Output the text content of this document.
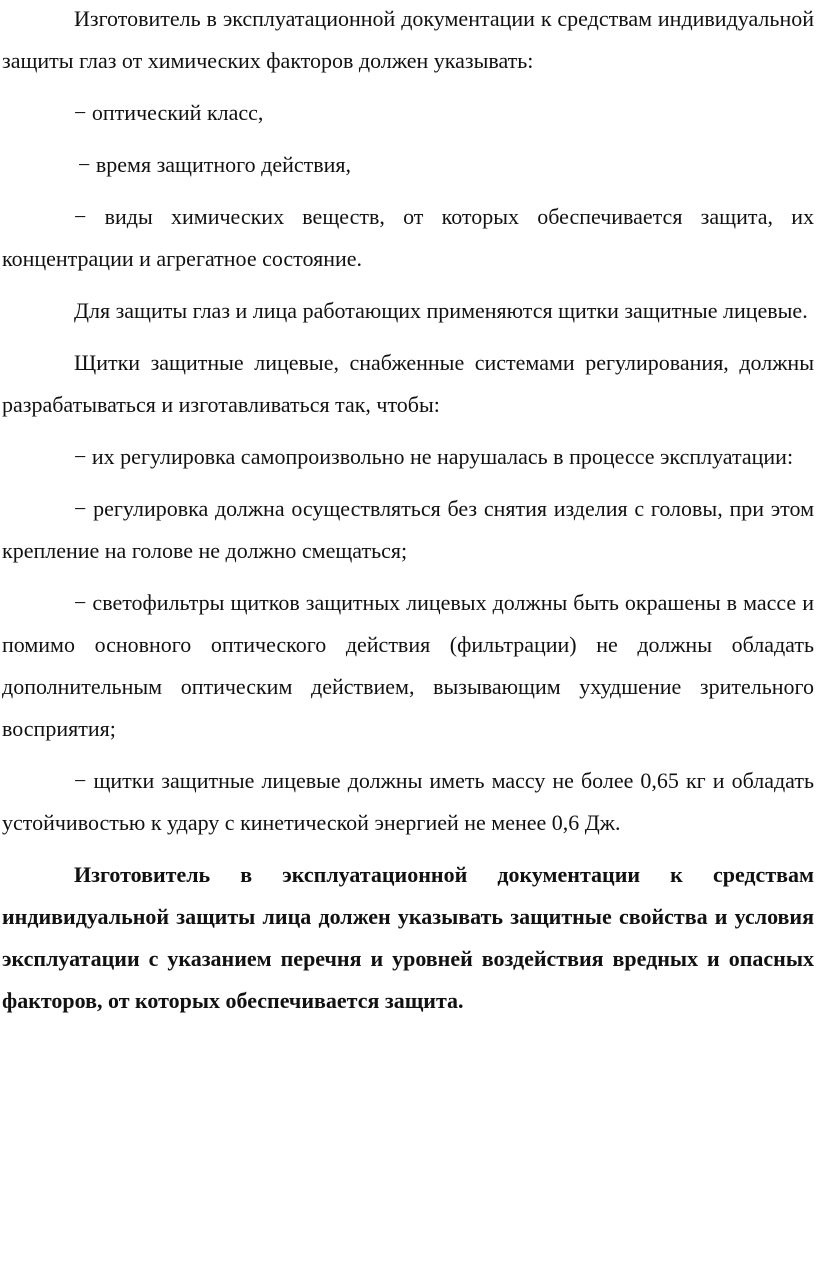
Изготовитель в эксплуатационной документации к средствам индивидуальной защиты глаз от химических факторов должен указывать:

− оптический класс,

− время защитного действия,

− виды химических веществ, от которых обеспечивается защита, их концентрации и агрегатное состояние.

Для защиты глаз и лица работающих применяются щитки защитные лицевые.

Щитки защитные лицевые, снабженные системами регулирования, должны разрабатываться и изготавливаться так, чтобы:

− их регулировка самопроизвольно не нарушалась в процессе эксплуатации:

− регулировка должна осуществляться без снятия изделия с головы, при этом крепление на голове не должно смещаться;

− светофильтры щитков защитных лицевых должны быть окрашены в массе и помимо основного оптического действия (фильтрации) не должны обладать дополнительным оптическим действием, вызывающим ухудшение зрительного восприятия;

− щитки защитные лицевые должны иметь массу не более 0,65 кг и обладать устойчивостью к удару с кинетической энергией не менее 0,6 Дж.

Изготовитель в эксплуатационной документации к средствам индивидуальной защиты лица должен указывать защитные свойства и условия эксплуатации с указанием перечня и уровней воздействия вредных и опасных факторов, от которых обеспечивается защита.
